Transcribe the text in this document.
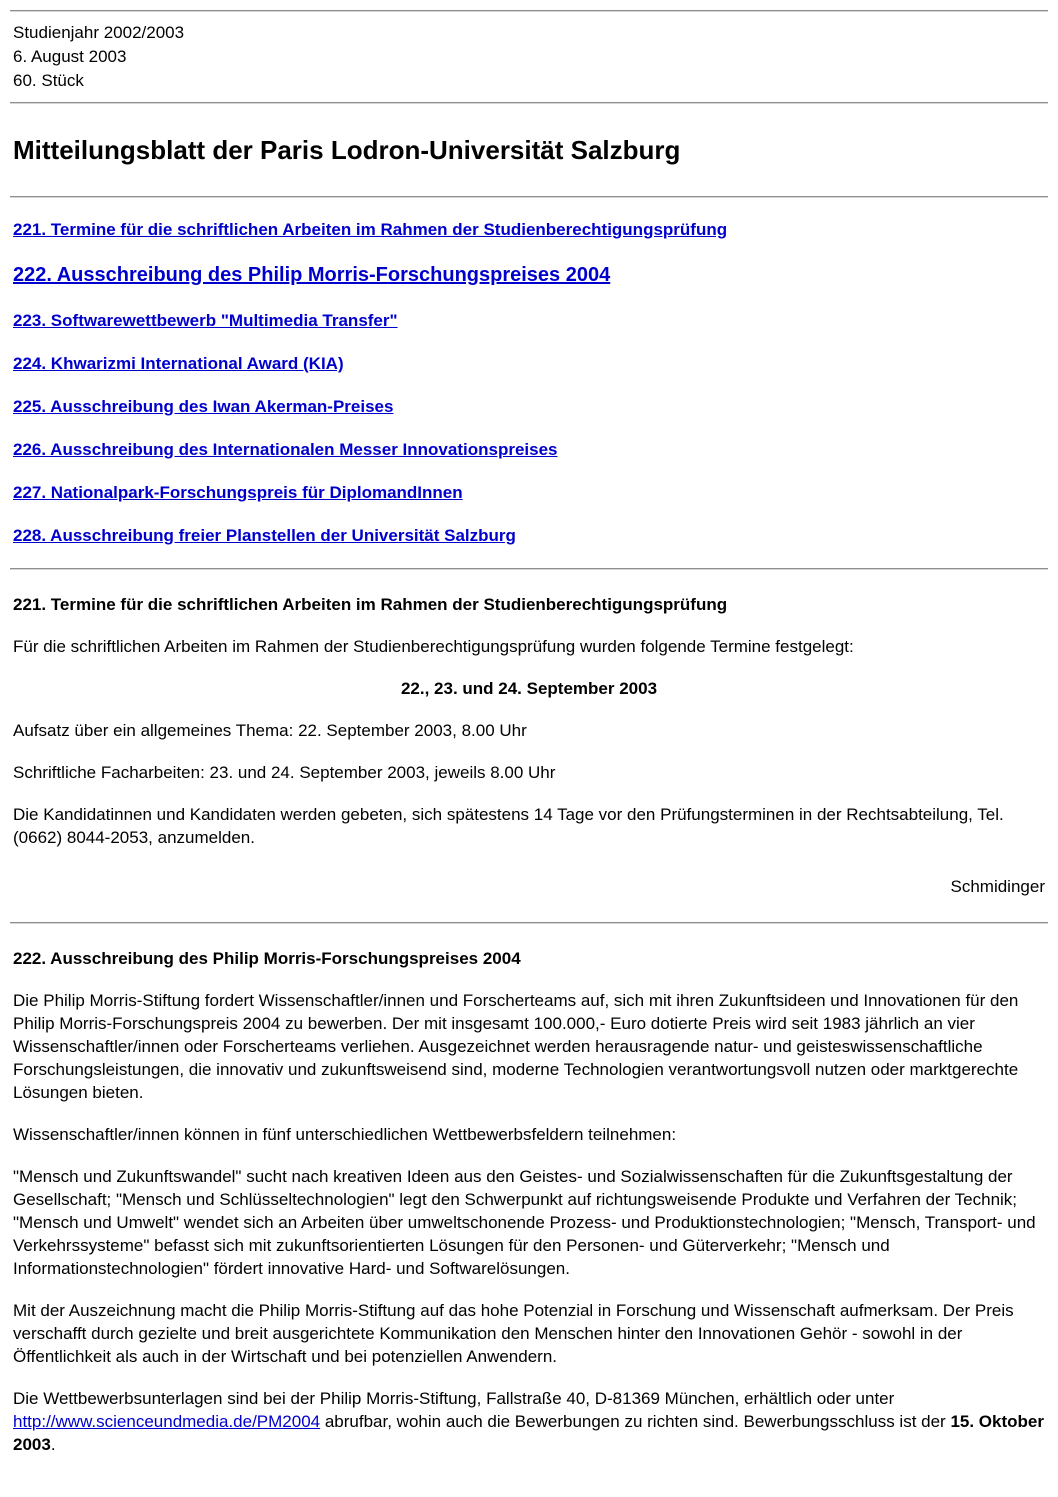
Studienjahr 2002/2003
6. August 2003
60. Stück
Mitteilungsblatt der Paris Lodron-Universität Salzburg
221. Termine für die schriftlichen Arbeiten im Rahmen der Studienberechtigungsprüfung
222. Ausschreibung des Philip Morris-Forschungspreises 2004
223. Softwarewettbewerb "Multimedia Transfer"
224. Khwarizmi International Award (KIA)
225. Ausschreibung des Iwan Akerman-Preises
226. Ausschreibung des Internationalen Messer Innovationspreises
227. Nationalpark-Forschungspreis für DiplomandInnen
228. Ausschreibung freier Planstellen der Universität Salzburg
221. Termine für die schriftlichen Arbeiten im Rahmen der Studienberechtigungsprüfung

Für die schriftlichen Arbeiten im Rahmen der Studienberechtigungsprüfung wurden folgende Termine festgelegt:

22., 23. und 24. September 2003

Aufsatz über ein allgemeines Thema: 22. September 2003, 8.00 Uhr

Schriftliche Facharbeiten: 23. und 24. September 2003, jeweils 8.00 Uhr

Die Kandidatinnen und Kandidaten werden gebeten, sich spätestens 14 Tage vor den Prüfungsterminen in der Rechtsabteilung, Tel. (0662) 8044-2053, anzumelden.

Schmidinger

222. Ausschreibung des Philip Morris-Forschungspreises 2004

Die Philip Morris-Stiftung fordert Wissenschaftler/innen und Forscherteams auf, sich mit ihren Zukunftsideen und Innovationen für den Philip Morris-Forschungspreis 2004 zu bewerben. Der mit insgesamt 100.000,- Euro dotierte Preis wird seit 1983 jährlich an vier Wissenschaftler/innen oder Forscherteams verliehen. Ausgezeichnet werden herausragende natur- und geisteswissenschaftliche Forschungsleistungen, die innovativ und zukunftsweisend sind, moderne Technologien verantwortungsvoll nutzen oder marktgerechte Lösungen bieten.

Wissenschaftler/innen können in fünf unterschiedlichen Wettbewerbsfeldern teilnehmen:

"Mensch und Zukunftswandel" sucht nach kreativen Ideen aus den Geistes- und Sozialwissenschaften für die Zukunftsgestaltung der Gesellschaft; "Mensch und Schlüsseltechnologien" legt den Schwerpunkt auf richtungsweisende Produkte und Verfahren der Technik; "Mensch und Umwelt" wendet sich an Arbeiten über umweltschonende Prozess- und Produktionstechnologien; "Mensch, Transport- und Verkehrssysteme" befasst sich mit zukunftsorientierten Lösungen für den Personen- und Güterverkehr; "Mensch und Informationstechnologien" fördert innovative Hard- und Softwarelösungen.

Mit der Auszeichnung macht die Philip Morris-Stiftung auf das hohe Potenzial in Forschung und Wissenschaft aufmerksam. Der Preis verschafft durch gezielte und breit ausgerichtete Kommunikation den Menschen hinter den Innovationen Gehör - sowohl in der Öffentlichkeit als auch in der Wirtschaft und bei potenziellen Anwendern.

Die Wettbewerbsunterlagen sind bei der Philip Morris-Stiftung, Fallstraße 40, D-81369 München, erhältlich oder unter http://www.scienceundmedia.de/PM2004 abrufbar, wohin auch die Bewerbungen zu richten sind. Bewerbungsschluss ist der 15. Oktober 2003.
